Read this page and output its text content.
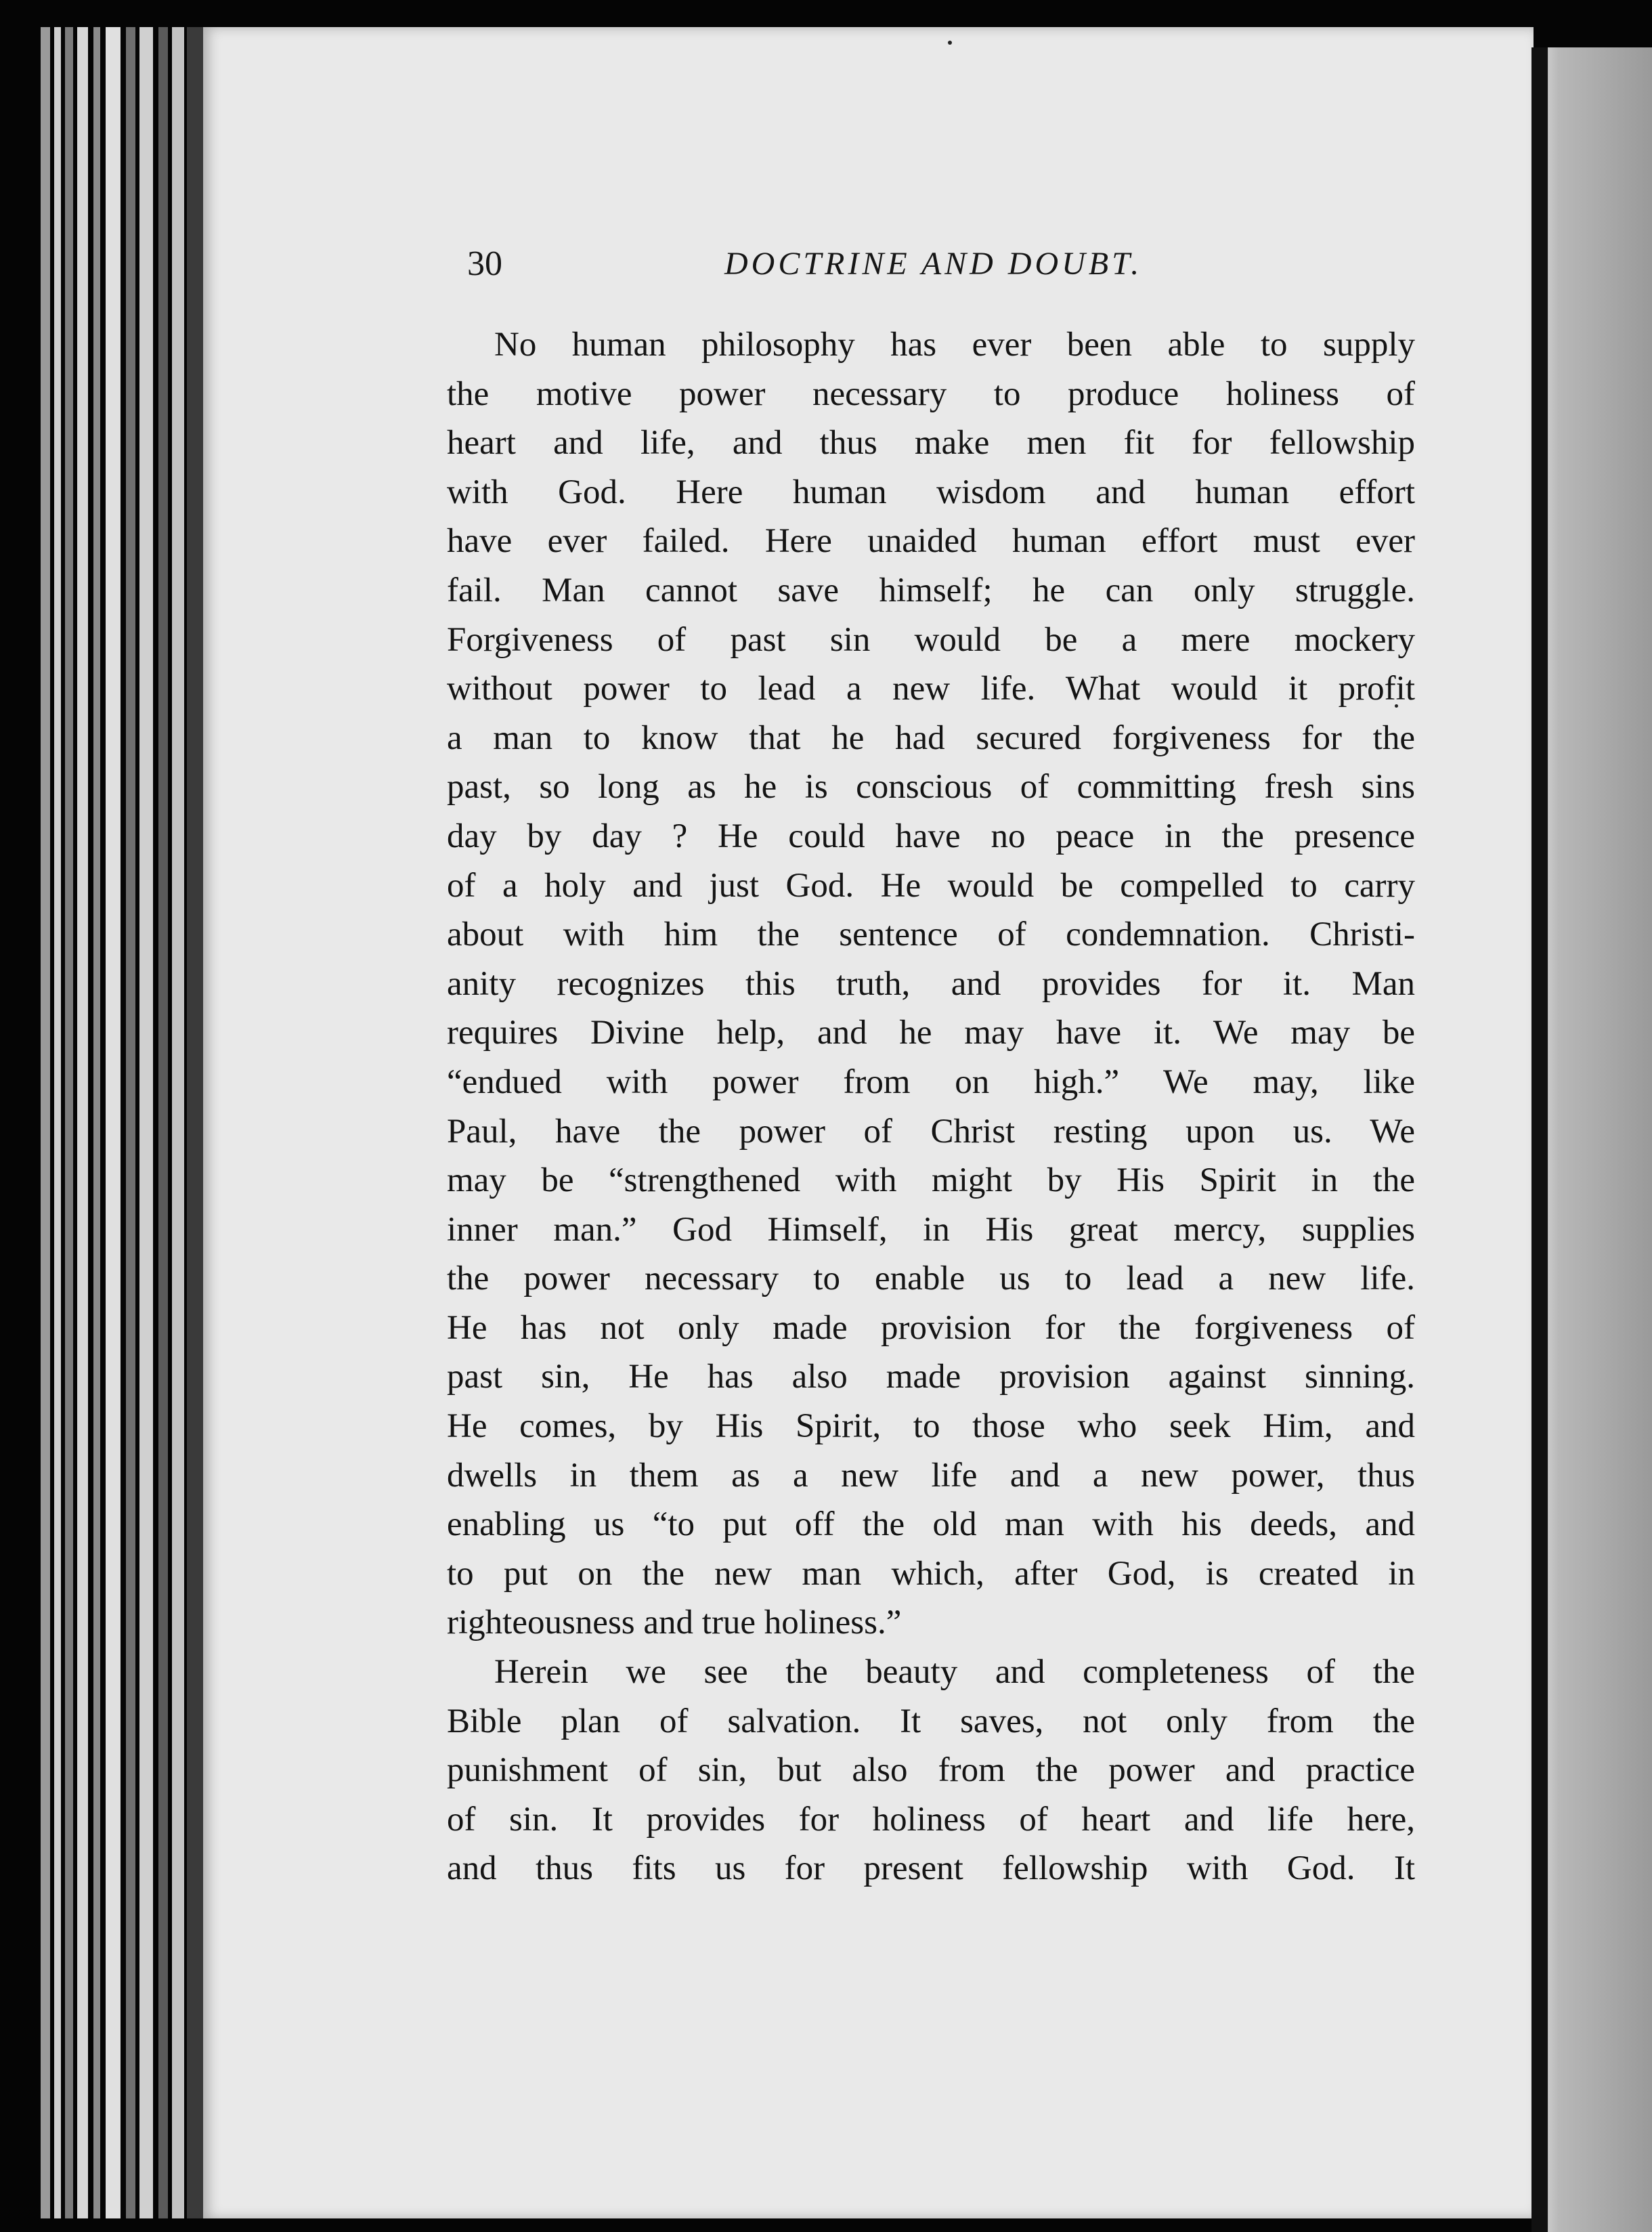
30	DOCTRINE AND DOUBT.
No human philosophy has ever been able to supply
the motive power necessary to produce holiness of
heart and life, and thus make men fit for fellowship
with God. Here human wisdom and human effort
have ever failed. Here unaided human effort must ever
fail. Man cannot save himself; he can only struggle.
Forgiveness of past sin would be a mere mockery
without power to lead a new life. What would it profit
a man to know that he had secured forgiveness for the
past, so long as he is conscious of committing fresh sins
day by day ? He could have no peace in the presence
of a holy and just God. He would be compelled to carry
about with him the sentence of condemnation. Christi-
anity recognizes this truth, and provides for it. Man
requires Divine help, and he may have it. We may be
“endued with power from on high.” We may, like
Paul, have the power of Christ resting upon us. We
may be “strengthened with might by His Spirit in the
inner man.” God Himself, in His great mercy, supplies
the power necessary to enable us to lead a new life.
He has not only made provision for the forgiveness of
past sin, He has also made provision against sinning.
He comes, by His Spirit, to those who seek Him, and
dwells in them as a new life and a new power, thus
enabling us “to put off the old man with his deeds, and
to put on the new man which, after God, is created in
righteousness and true holiness.”
Herein we see the beauty and completeness of the
Bible plan of salvation. It saves, not only from the
punishment of sin, but also from the power and practice
of sin. It provides for holiness of heart and life here,
and thus fits us for present fellowship with God. It
